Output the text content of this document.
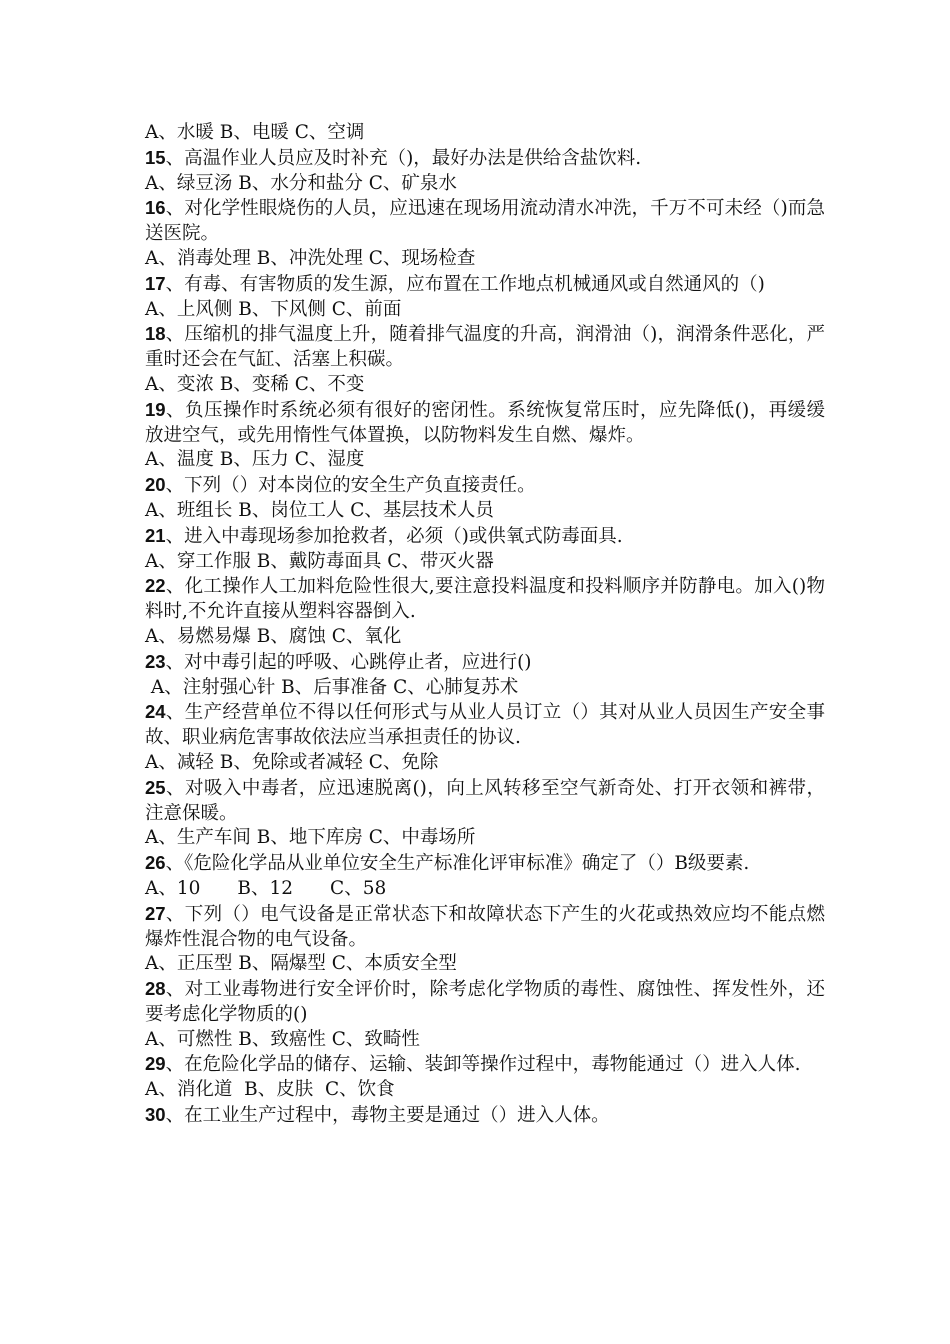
A、水暖 B、电暖 C、空调

15、高温作业人员应及时补充（)，最好办法是供给含盐饮料.

A、绿豆汤 B、水分和盐分 C、矿泉水

16、对化学性眼烧伤的人员，应迅速在现场用流动清水冲洗，千万不可未经（)而急送医院。

A、消毒处理 B、冲洗处理 C、现场检查

17、有毒、有害物质的发生源，应布置在工作地点机械通风或自然通风的（)

A、上风侧 B、下风侧 C、前面

18、压缩机的排气温度上升，随着排气温度的升高，润滑油（)，润滑条件恶化，严重时还会在气缸、活塞上积碳。

A、变浓 B、变稀 C、不变

19、负压操作时系统必须有很好的密闭性。系统恢复常压时，应先降低()，再缓缓放进空气，或先用惰性气体置换，以防物料发生自燃、爆炸。

A、温度 B、压力 C、湿度

20、下列（）对本岗位的安全生产负直接责任。

A、班组长 B、岗位工人 C、基层技术人员

21、进入中毒现场参加抢救者，必须（)或供氧式防毒面具.

A、穿工作服 B、戴防毒面具 C、带灭火器

22、化工操作人工加料危险性很大,要注意投料温度和投料顺序并防静电。加入()物料时,不允许直接从塑料容器倒入.

A、易燃易爆 B、腐蚀 C、氧化

23、对中毒引起的呼吸、心跳停止者，应进行()

A、注射强心针 B、后事准备 C、心肺复苏术

24、生产经营单位不得以任何形式与从业人员订立（）其对从业人员因生产安全事故、职业病危害事故依法应当承担责任的协议.

A、减轻 B、免除或者减轻 C、免除

25、对吸入中毒者，应迅速脱离()，向上风转移至空气新奇处、打开衣领和裤带，注意保暖。

A、生产车间 B、地下库房 C、中毒场所

26、《危险化学品从业单位安全生产标准化评审标准》确定了（）B级要素.

A、10　　B、12　　C、58

27、下列（）电气设备是正常状态下和故障状态下产生的火花或热效应均不能点燃爆炸性混合物的电气设备。

A、正压型 B、隔爆型 C、本质安全型

28、对工业毒物进行安全评价时，除考虑化学物质的毒性、腐蚀性、挥发性外，还要考虑化学物质的()

A、可燃性 B、致癌性 C、致畸性

29、在危险化学品的储存、运输、装卸等操作过程中，毒物能通过（）进入人体.

A、消化道  B、皮肤  C、饮食

30、在工业生产过程中，毒物主要是通过（）进入人体。
